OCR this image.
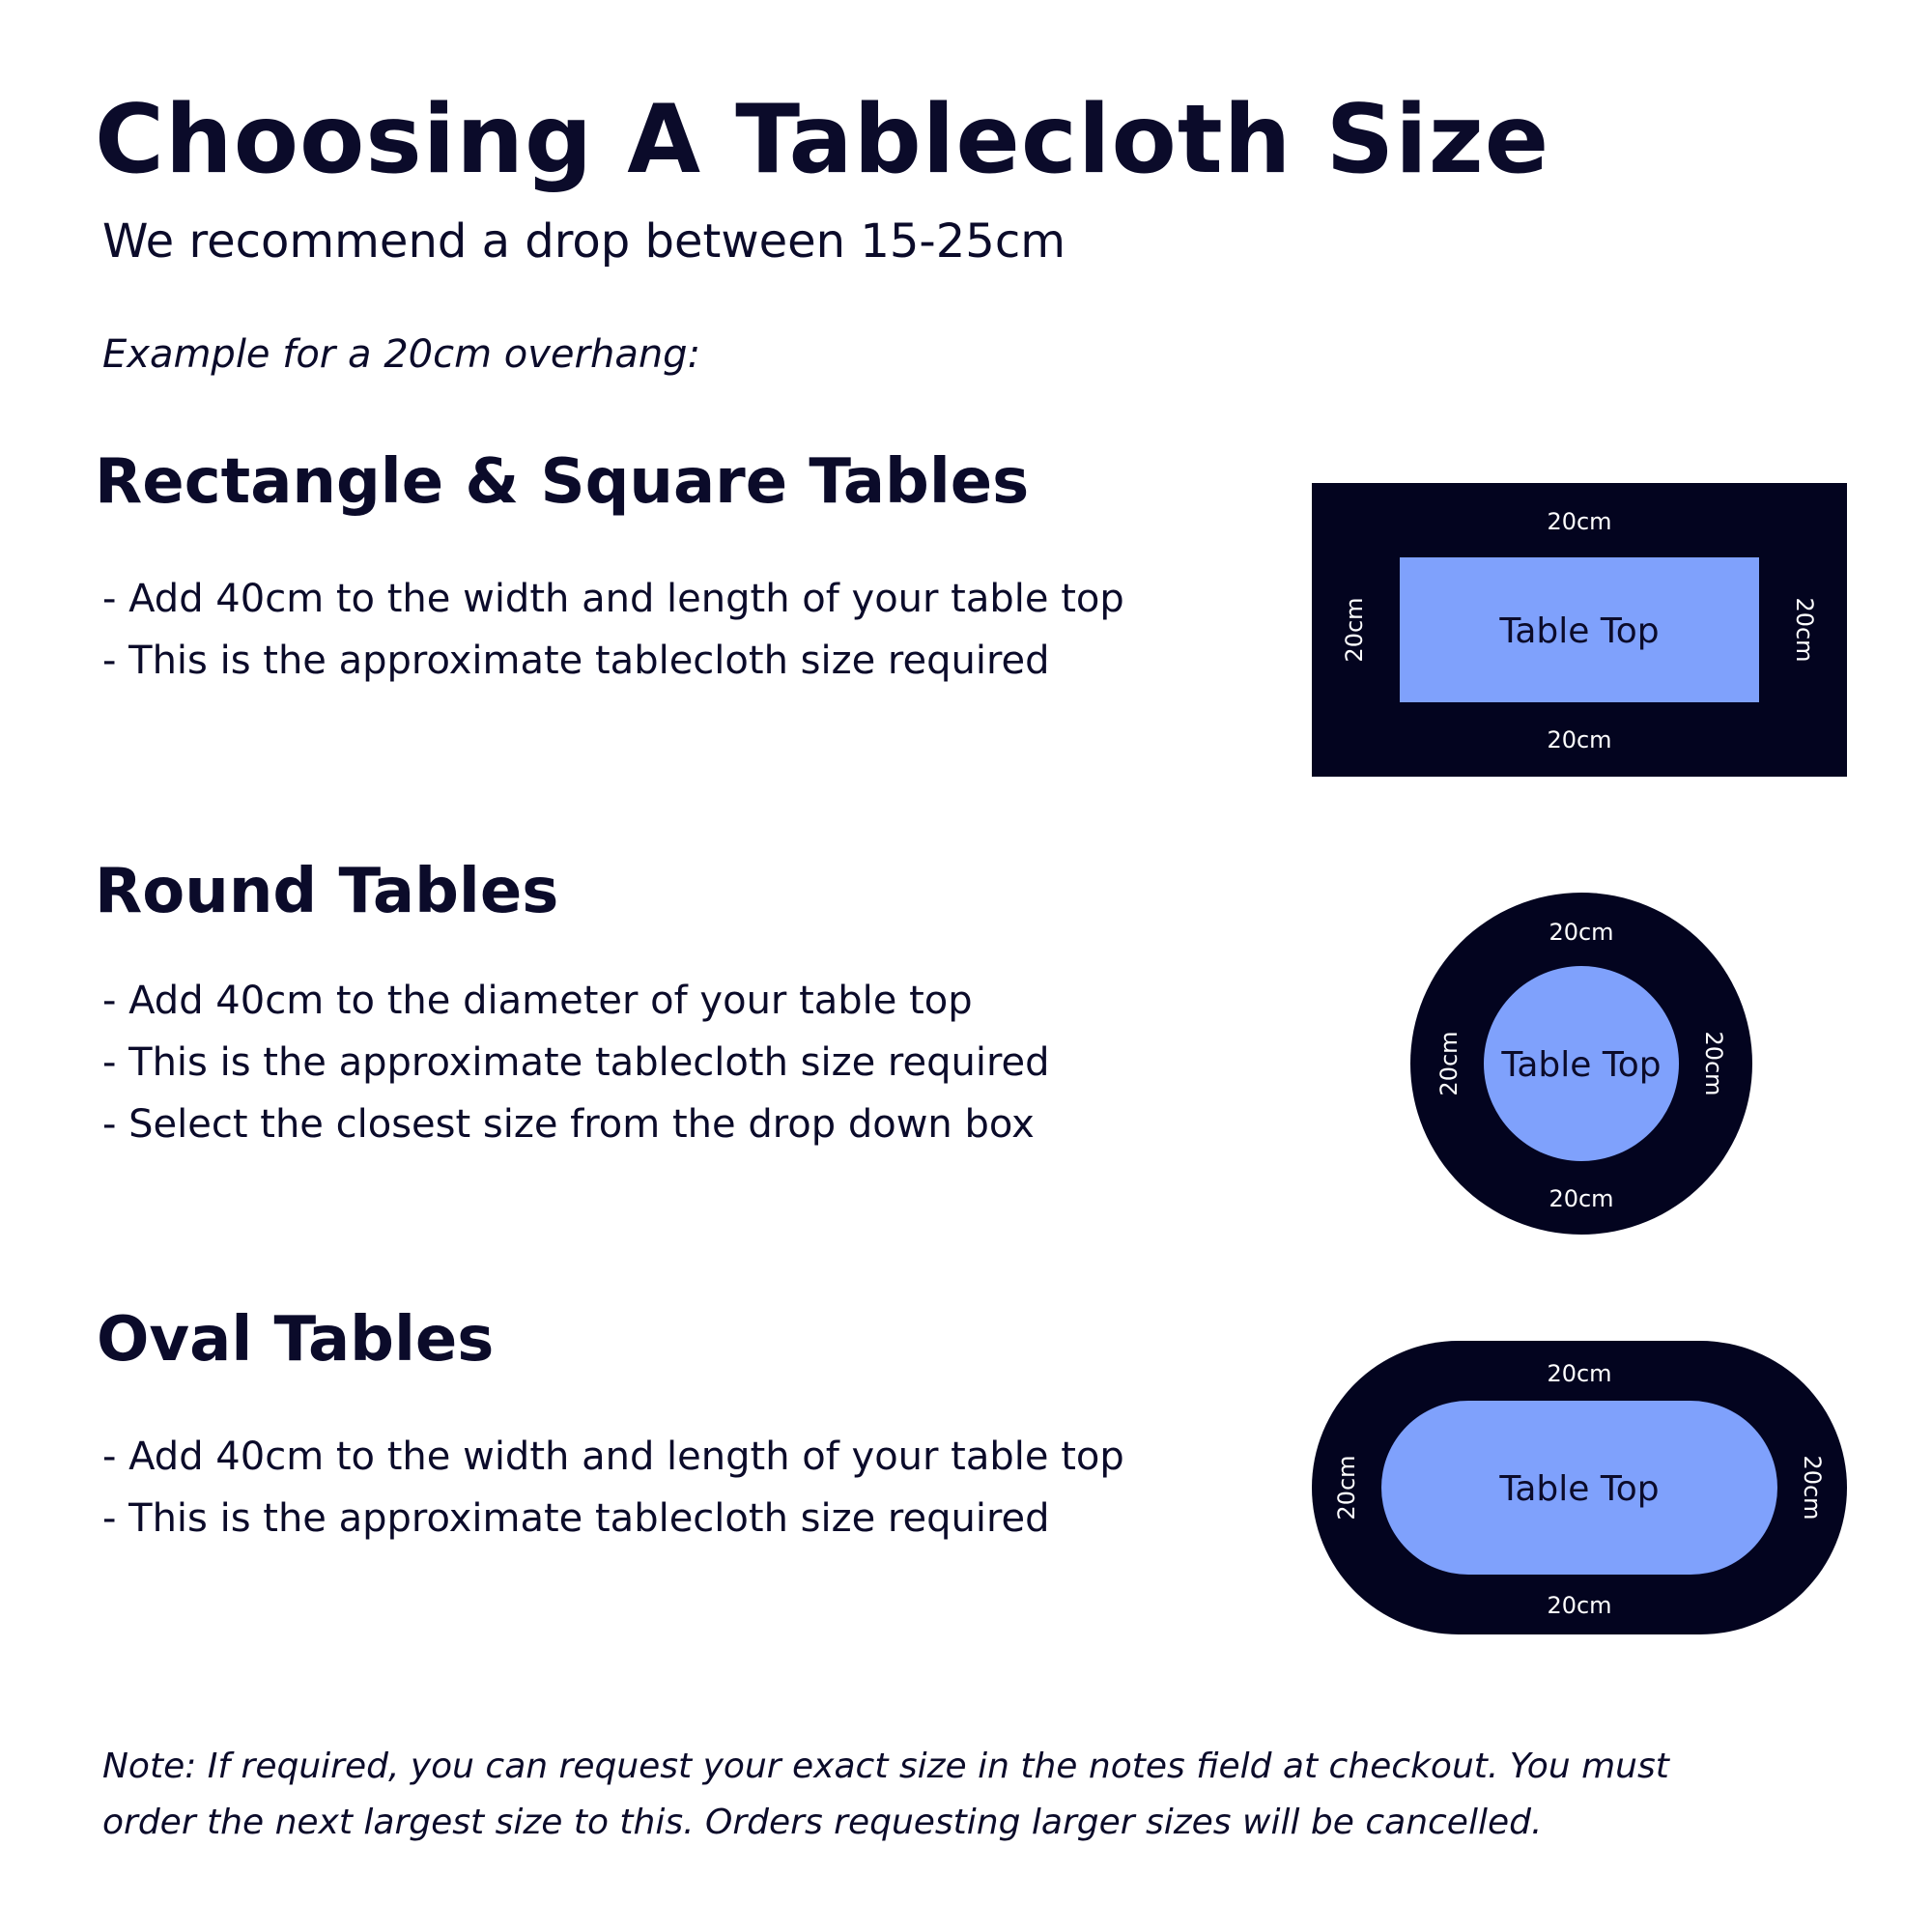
Choosing A Tablecloth Size
We recommend a drop between 15-25cm
Example for a 20cm overhang:
Rectangle & Square Tables

- Add 40cm to the width and length of your table top

- This is the approximate tablecloth size required

Table Top
20cm
20cm
20cm	20cm
Round Tables

- Add 40cm to the diameter of your table top

- This is the approximate tablecloth size required

- Select the closest size from the drop down box

Table Top
20cm
20cm
20cm	20cm
Oval Tables

- Add 40cm to the width and length of your table top

- This is the approximate tablecloth size required

Table Top
20cm
20cm
20cm	20cm
Note: If required, you can request your exact size in the notes field at checkout. You must
order the next largest size to this. Orders requesting larger sizes will be cancelled.
